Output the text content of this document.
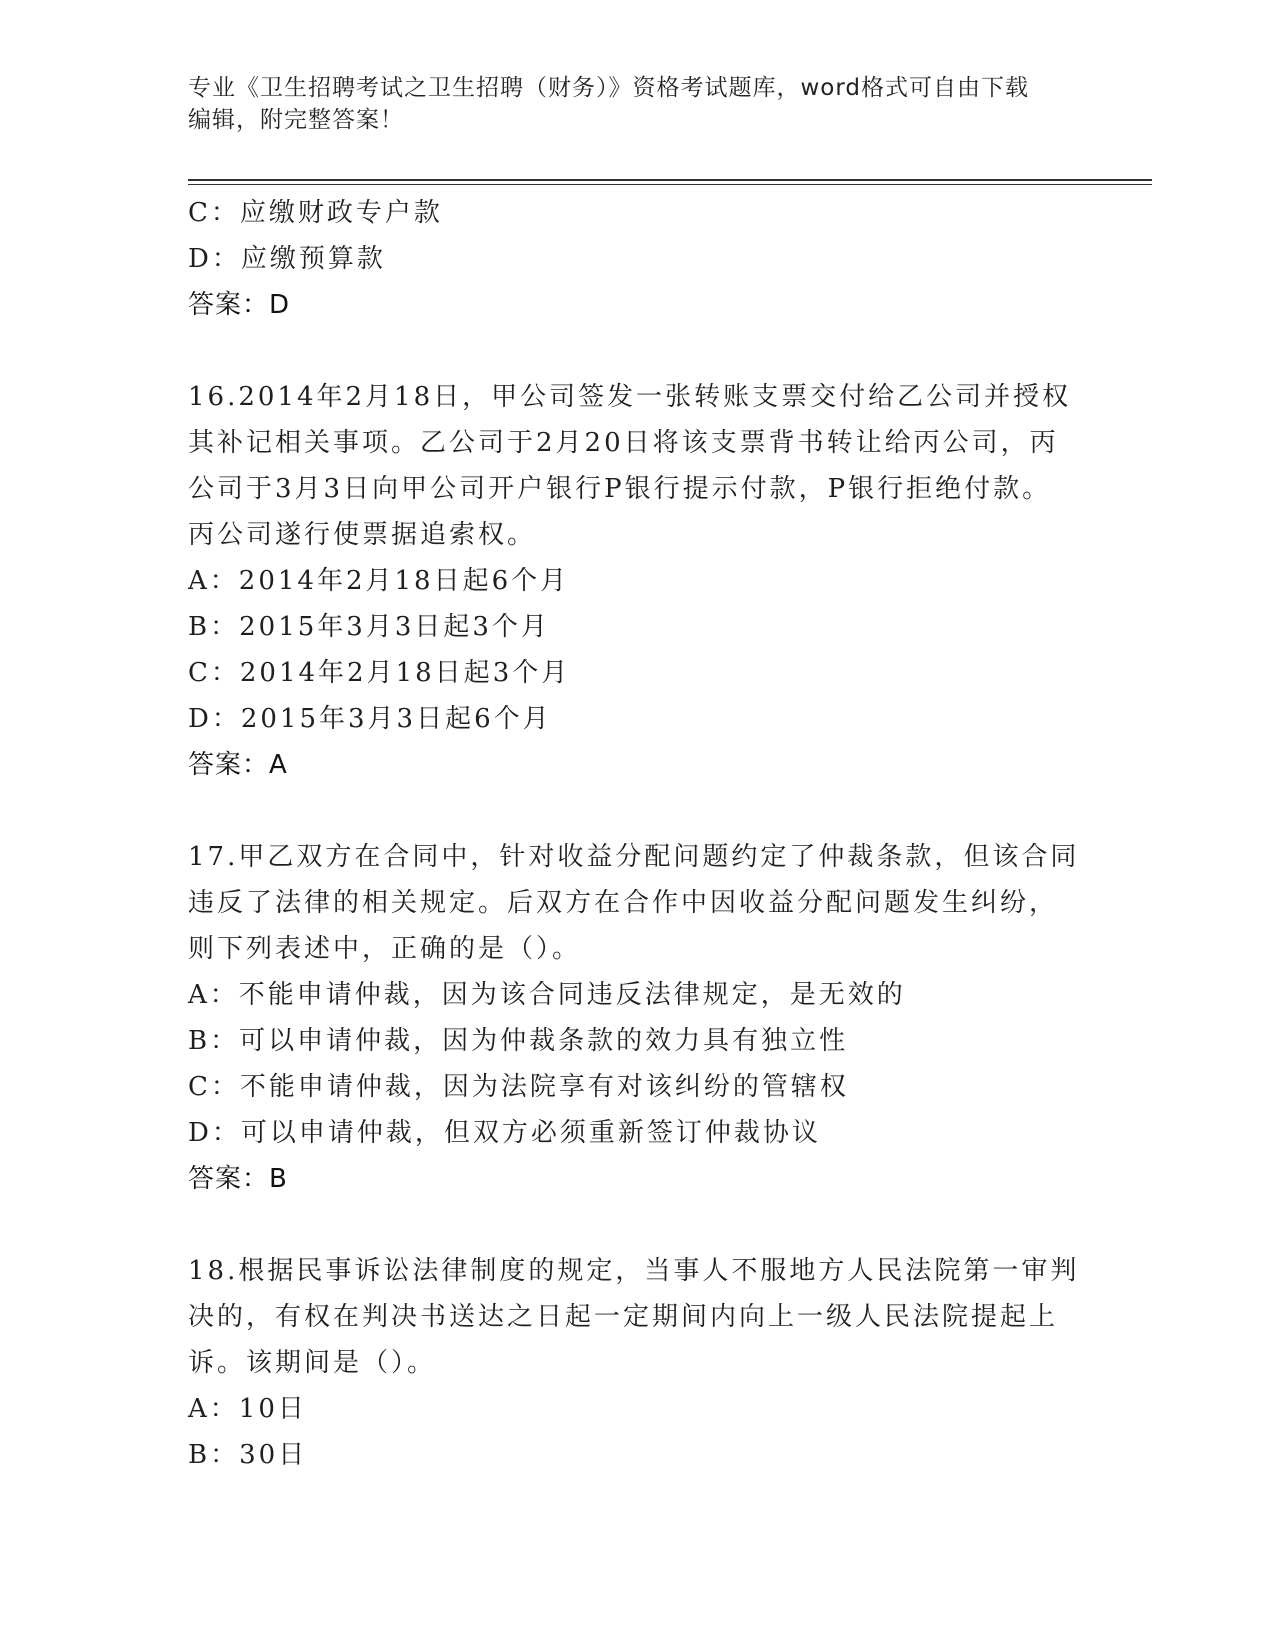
专业《卫生招聘考试之卫生招聘（财务）》资格考试题库，word格式可自由下载
编辑，附完整答案！
C：应缴财政专户款
D：应缴预算款
答案：D
16.2014年2月18日，甲公司签发一张转账支票交付给乙公司并授权
其补记相关事项。乙公司于2月20日将该支票背书转让给丙公司，丙
公司于3月3日向甲公司开户银行P银行提示付款，P银行拒绝付款。
丙公司遂行使票据追索权。
A：2014年2月18日起6个月
B：2015年3月3日起3个月
C：2014年2月18日起3个月
D：2015年3月3日起6个月
答案：A
17.甲乙双方在合同中，针对收益分配问题约定了仲裁条款，但该合同
违反了法律的相关规定。后双方在合作中因收益分配问题发生纠纷，
则下列表述中，正确的是（）。
A：不能申请仲裁，因为该合同违反法律规定，是无效的
B：可以申请仲裁，因为仲裁条款的效力具有独立性
C：不能申请仲裁，因为法院享有对该纠纷的管辖权
D：可以申请仲裁，但双方必须重新签订仲裁协议
答案：B
18.根据民事诉讼法律制度的规定，当事人不服地方人民法院第一审判
决的，有权在判决书送达之日起一定期间内向上一级人民法院提起上
诉。该期间是（）。
A：10日
B：30日
